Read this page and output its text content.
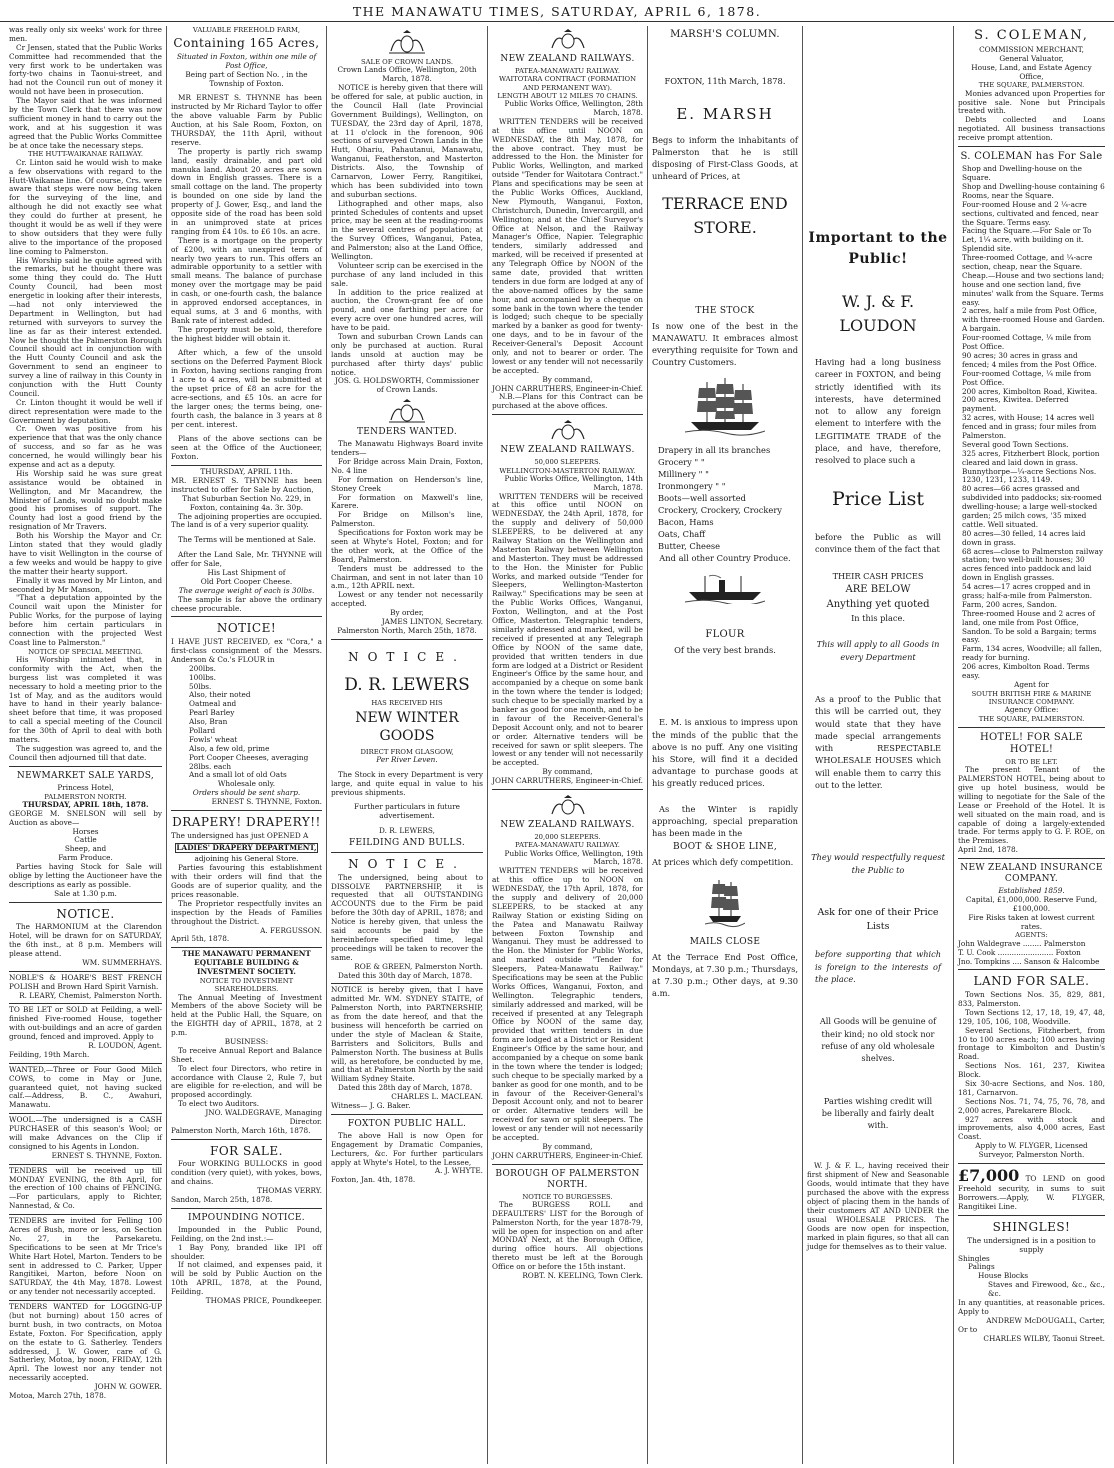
THE MANAWATU TIMES, SATURDAY, APRIL 6, 1878.

was really only six weeks' work for three men.

Cr Jensen, stated that the Public Works Committee had recommended that the very first work to be undertaken was forty-two chains in Taonui-street, and had not the Council run out of money it would not have been in prosecution.

The Mayor said that he was informed by the Town Clerk that there was now sufficient money in hand to carry out the work, and at his suggestion it was agreed that the Public Works Committee be at once take the necessary steps.

THE HUTT-WAIKANAE RAILWAY.

Cr. Linton said he would wish to make a few observations with regard to the Hutt-Waikanae line. Of course, Crs. were aware that steps were now being taken for the surveying of the line, and although he did not exactly see what they could do further at present, he thought it would be as well if they were to show outsiders that they were fully alive to the importance of the proposed line coming to Palmerston.

His Worship said he quite agreed with the remarks, but he thought there was some thing they could do. The Hutt County Council, had been most energetic in looking after their interests,—had not only interviewed the Department in Wellington, but had returned with surveyors to survey the line as far as their interest extended. Now he thought the Palmerston Borough Council should act in conjunction with the Hutt County Council and ask the Government to send an engineer to survey a line of railway in this County in conjunction with the Hutt County Council.

Cr. Linton thought it would be well if direct representation were made to the Government by deputation.

Cr. Owen was positive from his experience that that was the only chance of success, and so far as he was concerned, he would willingly bear his expense and act as a deputy.

His Worship said he was sure great assistance would be obtained in Wellington, and Mr Macandrew, the Minister of Lands, would no doubt make good his promises of support. The County had lost a good friend by the resignation of Mr Travers.

Both his Worship the Mayor and Cr. Linton stated that they would gladly have to visit Wellington in the course of a few weeks and would be happy to give the matter their hearty support.

Finally it was moved by Mr Linton, and seconded by Mr Manson,

"That a deputation appointed by the Council wait upon the Minister for Public Works, for the purpose of laying before him certain particulars in connection with the projected West Coast line to Palmerston."

NOTICE OF SPECIAL MEETING.

His Worship intimated that, in conformity with the Act, when the burgess list was completed it was necessary to hold a meeting prior to the 1st of May, and as the auditors would have to hand in their yearly balance-sheet before that time, it was proposed to call a special meeting of the Council for the 30th of April to deal with both matters.

The suggestion was agreed to, and the Council then adjourned till that date.

NEWMARKET SALE YARDS,

Princess Hotel,

PALMERSTON NORTH.

THURSDAY, APRIL 18th, 1878.

GEORGE M. SNELSON will sell by Auction as above—

Horses

Cattle

Sheep, and

Farm Produce.

Parties having Stock for Sale will oblige by letting the Auctioneer have the descriptions as early as possible.

Sale at 1.30 p.m.

NOTICE.

The HARMONIUM at the Clarendon Hotel, will be drawn for on SATURDAY, the 6th inst., at 8 p.m. Members will please attend.

WM. SUMMERHAYS.

NOBLE'S & HOARE'S BEST FRENCH POLISH and Brown Hard Spirit Varnish.

R. LEARY, Chemist, Palmerston North.

TO BE LET or SOLD at Feilding, a well-finished Five-roomed House, together with out-buildings and an acre of garden ground, fenced and improved. Apply to

R. LOUDON, Agent.

Feilding, 19th March.

WANTED,—Three or Four Good Milch COWS, to come in May or June, guaranteed quiet, not having sucked calf.—Address, B. C., Awahuri, Manawatu.

WOOL.—The undersigned is a CASH PURCHASER of this season's Wool; or will make Advances on the Clip if consigned to his Agents in London.

ERNEST S. THYNNE, Foxton.

TENDERS will be received up till MONDAY EVENING, the 8th April, for the erection of 100 chains of FENCING.—For particulars, apply to Richter, Nannestad, & Co.

TENDERS are invited for Felling 100 Acres of Bush, more or less, on Section No. 27, in the Parsekaretu. Specifications to be seen at Mr Trice's White Hart Hotel, Marton. Tenders to be sent in addressed to C. Parker, Upper Rangitikei, Marton, before Noon on SATURDAY, the 4th May, 1878. Lowest or any tender not necessarily accepted.

TENDERS WANTED for LOGGING-UP (but not burning) about 150 acres of burnt bush, in two contracts, on Motoa Estate, Foxton. For Specification, apply on the estate to G. Satherley. Tenders addressed, J. W. Gower, care of G. Satherley, Motoa, by noon, FRIDAY, 12th April. The lowest nor any tender not necessarily accepted.

JOHN W. GOWER.

Motoa, March 27th, 1878.

VALUABLE FREEHOLD FARM,

Containing 165 Acres,

Situated in Foxton, within one mile of Post Office,

Being part of Section No. , in the Township of Foxton.

MR ERNEST S. THYNNE has been instructed by Mr Richard Taylor to offer the above valuable Farm by Public Auction, at his Sale Room, Foxton, on THURSDAY, the 11th April, without reserve.

The property is partly rich swamp land, easily drainable, and part old manuka land. About 20 acres are sown down in English grasses. There is a small cottage on the land. The property is bounded on one side by land the property of J. Gower, Esq., and land the opposite side of the road has been sold in an unimproved state at prices ranging from £4 10s. to £6 10s. an acre.

There is a mortgage on the property of £200, with an unexpired term of nearly two years to run. This offers an admirable opportunity to a settler with small means. The balance of purchase money over the mortgage may be paid in cash, or one-fourth cash, the balance in approved endorsed acceptances, in equal sums, at 3 and 6 months, with Bank rate of interest added.

The property must be sold, therefore the highest bidder will obtain it.

After which, a few of the unsold sections on the Deferred Payment Block in Foxton, having sections ranging from 1 acre to 4 acres, will be submitted at the upset price of £8 an acre for the acre-sections, and £5 10s. an acre for the larger ones; the terms being, one-fourth cash, the balance in 3 years at 8 per cent. interest.

Plans of the above sections can be seen at the Office of the Auctioneer, Foxton.

THURSDAY, APRIL 11th.

MR. ERNEST S. THYNNE has been instructed to offer for Sale by Auction,

That Suburban Section No. 229, in Foxton, containing 4a. 3r. 30p.

The adjoining properties are occupied. The land is of a very superior quality.

The Terms will be mentioned at Sale.

After the Land Sale, Mr. THYNNE will offer for Sale,

His Last Shipment of

Old Port Cooper Cheese.

The average weight of each is 30lbs.

The sample is far above the ordinary cheese procurable.

NOTICE!

I HAVE JUST RECEIVED, ex "Cora," a first-class consignment of the Messrs. Anderson & Co.'s FLOUR in

200lbs.
100lbs.
50lbs.
Also, their noted
Oatmeal and
Pearl Barley
Also, Bran
Pollard
Fowls' wheat
Also, a few old, prime
Port Cooper Cheeses, averaging 28lbs. each
And a small lot of old Oats

Wholesale only.

Orders should be sent sharp.

ERNEST S. THYNNE, Foxton.

DRAPERY! DRAPERY!!

The undersigned has just OPENED A

LADIES' DRAPERY DEPARTMENT,

adjoining his General Store.

Parties favouring this establishment with their orders will find that the Goods are of superior quality, and the prices reasonable.

The Proprietor respectfully invites an inspection by the Heads of Families throughout the District.

A. FERGUSSON.

April 5th, 1878.

THE MANAWATU PERMANENT EQUITABLE BUILDING & INVESTMENT SOCIETY.

NOTICE TO INVESTMENT SHAREHOLDERS.

The Annual Meeting of Investment Members of the above Society will be held at the Public Hall, the Square, on the EIGHTH day of APRIL, 1878, at 2 p.m.

BUSINESS:

To receive Annual Report and Balance Sheet.

To elect four Directors, who retire in accordance with Clause 2, Rule 7, but are eligible for re-election, and will be proposed accordingly.

To elect two Auditors.

JNO. WALDEGRAVE, Managing Director.

Palmerston North, March 16th, 1878.

FOR SALE.

Four WORKING BULLOCKS in good condition (very quiet), with yokes, bows, and chains.

THOMAS VERRY.

Sandon, March 25th, 1878.

IMPOUNDING NOTICE.

Impounded in the Public Pound, Feilding, on the 2nd inst.:—

1 Bay Pony, branded like IPI off shoulder.

If not claimed, and expenses paid, it will be sold by Public Auction on the 10th APRIL, 1878, at the Pound, Feilding.

THOMAS PRICE, Poundkeeper.

SALE OF CROWN LANDS.

Crown Lands Office, Wellington, 20th March, 1878.

NOTICE is hereby given that there will be offered for sale, at public auction, in the Council Hall (late Provincial Government Buildings), Wellington, on TUESDAY, the 23rd day of April, 1878, at 11 o'clock in the forenoon, 906 sections of surveyed Crown Lands in the Hutt, Ohariu, Pahautanui, Manawatu, Wanganui, Featherston, and Masterton Districts. Also, the Township of Carnarvon, Lower Ferry, Rangitikei, which has been subdivided into town and suburban sections.

Lithographed and other maps, also printed Schedules of contents and upset price, may be seen at the reading-rooms in the several centres of population; at the Survey Offices, Wanganui, Patea, and Palmerston; also at the Land Office, Wellington.

Volunteer scrip can be exercised in the purchase of any land included in this sale.

In addition to the price realized at auction, the Crown-grant fee of one pound, and one farthing per acre for every acre over one hundred acres, will have to be paid.

Town and suburban Crown Lands can only be purchased at auction. Rural lands unsold at auction may be purchased after thirty days' public notice.

JOS. G. HOLDSWORTH, Commissioner of Crown Lands.

TENDERS WANTED.

The Manawatu Highways Board invite tenders—

For Bridge across Main Drain, Foxton, No. 4 line

For formation on Henderson's line, Stoney Creek

For formation on Maxwell's line, Karere.

For Bridge on Millson's line, Palmerston.

Specifications for Foxton work may be seen at Whyte's Hotel, Foxton; and for the other work, at the Office of the Board, Palmerston.

Tenders must be addressed to the Chairman, and sent in not later than 10 a.m., 12th APRIL next.

Lowest or any tender not necessarily accepted.

By order,

JAMES LINTON, Secretary.

Palmerston North, March 25th, 1878.

NOTICE.

D. R. LEWERS

HAS RECEIVED HIS

NEW WINTER GOODS

DIRECT FROM GLASGOW,

Per River Leven.

The Stock in every Department is very large, and quite equal in value to his previous shipments.

Further particulars in future advertisement.

D. R. LEWERS,

FEILDING AND BULLS.

NOTICE.

The undersigned, being about to DISSOLVE PARTNERSHIP, it is requested that all OUTSTANDING ACCOUNTS due to the Firm be paid before the 30th day of APRIL, 1878; and Notice is hereby given, that unless the said accounts be paid by the hereinbefore specified time, legal proceedings will be taken to recover the same.

ROE & GREEN, Palmerston North.

Dated this 30th day of March, 1878.

NOTICE is hereby given, that I have admitted Mr. WM. SYDNEY STAITE, of Palmerston North, into PARTNERSHIP, as from the date hereof, and that the business will henceforth be carried on under the style of Maclean & Staite, Barristers and Solicitors, Bulls and Palmerston North. The business at Bulls will, as heretofore, be conducted by me, and that at Palmerston North by the said William Sydney Staite.

Dated this 28th day of March, 1878.

CHARLES L. MACLEAN.

Witness— J. G. Baker.

FOXTON PUBLIC HALL.

The above Hall is now Open for Engagement by Dramatic Companies, Lecturers, &c. For further particulars apply at Whyte's Hotel, to the Lessee,

A. J. WHYTE.

Foxton, Jan. 4th, 1878.

NEW ZEALAND RAILWAYS.

PATEA-MANAWATU RAILWAY.

WAITOTARA CONTRACT (FORMATION AND PERMANENT WAY).

LENGTH ABOUT 12 MILES 70 CHAINS.

Public Works Office, Wellington, 28th March, 1878.

WRITTEN TENDERS will be received at this office until NOON on WEDNESDAY, the 8th May, 1878, for the above contract. They must be addressed to the Hon. the Minister for Public Works, Wellington, and marked outside "Tender for Waitotara Contract." Plans and specifications may be seen at the Public Works Offices, Auckland, New Plymouth, Wanganui, Foxton, Christchurch, Dunedin, Invercargill, and Wellington; and at the Chief Surveyor's Office at Nelson, and the Railway Manager's Office, Napier. Telegraphic tenders, similarly addressed and marked, will be received if presented at any Telegraph Office by NOON of the same date, provided that written tenders in due form are lodged at any of the above-named offices by the same hour, and accompanied by a cheque on some bank in the town where the tender is lodged; such cheque to be specially marked by a banker as good for twenty-one days, and to be in favour of the Receiver-General's Deposit Account only, and not to bearer or order. The lowest or any tender will not necessarily be accepted.

By command,

JOHN CARRUTHERS, Engineer-in-Chief.

N.B.—Plans for this Contract can be purchased at the above offices.

NEW ZEALAND RAILWAYS.

50,000 SLEEPERS.

WELLINGTON-MASTERTON RAILWAY.

Public Works Office, Wellington, 14th March, 1878.

WRITTEN TENDERS will be received at this office until NOON on WEDNESDAY, the 24th April, 1878, for the supply and delivery of 50,000 SLEEPERS, to be delivered at any Railway Station on the Wellington and Masterton Railway between Wellington and Masterton. They must be addressed to the Hon. the Minister for Public Works, and marked outside "Tender for Sleepers, Wellington-Masterton Railway." Specifications may be seen at the Public Works Offices, Wanganui, Foxton, Wellington, and at the Post Office, Masterton. Telegraphic tenders, similarly addressed and marked, will be received if presented at any Telegraph Office by NOON of the same date, provided that written tenders in due form are lodged at a District or Resident Engineer's Office by the same hour, and accompanied by a cheque on some bank in the town where the tender is lodged; such cheque to be specially marked by a banker as good for one month, and to be in favour of the Receiver-General's Deposit Account only, and not to bearer or order. Alternative tenders will be received for sawn or split sleepers. The lowest or any tender will not necessarily be accepted.

By command,

JOHN CARRUTHERS, Engineer-in-Chief.

NEW ZEALAND RAILWAYS.

20,000 SLEEPERS.

PATEA-MANAWATU RAILWAY.

Public Works Office, Wellington, 19th March, 1878.

WRITTEN TENDERS will be received at this office up to NOON on WEDNESDAY, the 17th April, 1878, for the supply and delivery of 20,000 SLEEPERS, to be stacked at any Railway Station or existing Siding on the Patea and Manawatu Railway between Foxton Township and Wanganui. They must be addressed to the Hon. the Minister for Public Works, and marked outside "Tender for Sleepers, Patea-Manawatu Railway." Specifications may be seen at the Public Works Offices, Wanganui, Foxton, and Wellington. Telegraphic tenders, similarly addressed and marked, will be received if presented at any Telegraph Office by NOON of the same day, provided that written tenders in due form are lodged at a District or Resident Engineer's Office by the same hour, and accompanied by a cheque on some bank in the town where the tender is lodged; such cheque to be specially marked by a banker as good for one month, and to be in favour of the Receiver-General's Deposit Account only, and not to bearer or order. Alternative tenders will be received for sawn or split sleepers. The lowest or any tender will not necessarily be accepted.

By command,

JOHN CARRUTHERS, Engineer-in-Chief.

BOROUGH OF PALMERSTON NORTH.

NOTICE TO BURGESSES.

The BURGESS ROLL and DEFAULTERS' LIST for the Borough of Palmerston North, for the year 1878-79, will be open for inspection on and after MONDAY Next, at the Borough Office, during office hours. All objections thereto must be left at the Borough Office on or before the 15th instant.

ROBT. N. KEELING, Town Clerk.

MARSH'S COLUMN.

FOXTON, 11th March, 1878.

E. MARSH

Begs to inform the inhabitants of Palmerston that he is still disposing of First-Class Goods, at unheard of Prices, at

TERRACE END STORE.

THE STOCK

Is now one of the best in the MANAWATU. It embraces almost everything requisite for Town and Country Customers.

Drapery in all its branches
Grocery " "
Millinery " "
Ironmongery " "
Boots—well assorted
Crockery, Crockery, Crockery
Bacon, Hams
Oats, Chaff
Butter, Cheese

And all other Country Produce.

FLOUR

Of the very best brands.

E. M. is anxious to impress upon the minds of the public that the above is no puff. Any one visiting his Store, will find it a decided advantage to purchase goods at his greatly reduced prices.

As the Winter is rapidly approaching, special preparation has been made in the

BOOT & SHOE LINE,

At prices which defy competition.

MAILS CLOSE

At the Terrace End Post Office, Mondays, at 7.30 p.m.; Thursdays, at 7.30 p.m.; Other days, at 9.30 a.m.

Important to the Public!

W. J. & F. LOUDON

Having had a long business career in FOXTON, and being strictly identified with its interests, have determined not to allow any foreign element to interfere with the LEGITIMATE TRADE of the place, and have, therefore, resolved to place such a

Price List

before the Public as will convince them of the fact that

THEIR CASH PRICES

ARE BELOW

Anything yet quoted

In this place.

This will apply to all Goods in every Department

As a proof to the Public that this will be carried out, they would state that they have made special arrangements with RESPECTABLE WHOLESALE HOUSES which will enable them to carry this out to the letter.

They would respectfully request the Public to

Ask for one of their Price Lists

before supporting that which is foreign to the interests of the place.

All Goods will be genuine of their kind; no old stock nor refuse of any old wholesale shelves.

Parties wishing credit will be liberally and fairly dealt with.

W. J. & F. L., having received their first shipment of New and Seasonable Goods, would intimate that they have purchased the above with the express object of placing them in the hands of their customers AT AND UNDER the usual WHOLESALE PRICES. The Goods are now open for inspection, marked in plain figures, so that all can judge for themselves as to their value.

S. COLEMAN,

COMMISSION MERCHANT,

General Valuator,

House, Land, and Estate Agency Office,

THE SQUARE, PALMERSTON.

Monies advanced upon Properties for positive sale. None but Principals treated with.

Debts collected and Loans negotiated. All business transactions receive prompt attention.

S. COLEMAN has For Sale

Shop and Dwelling-house on the Square.
Shop and Dwelling-house containing 6 Rooms, near the Square.
Four-roomed House and 2 ¼-acre sections, cultivated and fenced, near the Square. Terms easy.
Facing the Square.—For Sale or To Let, 1¼ acre, with building on it. Splendid site.
Three-roomed Cottage, and ¼-acre section, cheap, near the Square.
Cheap.—House and two sections land; house and one section land, five minutes' walk from the Square. Terms easy.
2 acres, half a mile from Post Office, with three-roomed House and Garden. A bargain.
Four-roomed Cottage, ¼ mile from Post Office.
90 acres; 30 acres in grass and fenced; 4 miles from the Post Office.
Four-roomed Cottage, ¼ mile from Post Office.
200 acres, Kimbolton Road, Kiwitea.
200 acres, Kiwitea. Deferred payment.
32 acres, with House; 14 acres well fenced and in grass; four miles from Palmerston.
Several good Town Sections.
325 acres, Fitzherbert Block, portion cleared and laid down in grass.
Bunnythorpe—¼-acre Sections Nos. 1230, 1231, 1233, 1149.
80 acres—66 acres grassed and subdivided into paddocks; six-roomed dwelling-house; a large well-stocked garden; 25 milch cows, '35 mixed cattle. Well situated.
80 acres—30 felled, 14 acres laid down in grass.
68 acres—close to Palmerston railway station; two well-built houses; 30 acres fenced into paddock and laid down in English grasses.
54 acres—17 acres cropped and in grass; half-a-mile from Palmerston.
Farm, 200 acres, Sandon.
Three-roomed House and 2 acres of land, one mile from Post Office, Sandon. To be sold a Bargain; terms easy.
Farm, 134 acres, Woodville; all fallen, ready for burning.
206 acres, Kimbolton Road. Terms easy.

Agent for

SOUTH BRITISH FIRE & MARINE INSURANCE COMPANY.

Agency Office:

THE SQUARE, PALMERSTON.

HOTEL! FOR SALE HOTEL!

OR TO BE LET.

The present Tenant of the PALMERSTON HOTEL, being about to give up hotel business, would be willing to negotiate for the Sale of the Lease or Freehold of the Hotel. It is well situated on the main road, and is capable of doing a largely-extended trade. For terms apply to G. F. ROE, on the Premises.

April 2nd, 1878.

NEW ZEALAND INSURANCE COMPANY.

Established 1859.

Capital, £1,000,000. Reserve Fund, £100,000.

Fire Risks taken at lowest current rates.

AGENTS:

John Waldegrave ........ Palmerston

T. U. Cook ........................ Foxton

Jno. Tompkins .... Sanson & Halcombe

LAND FOR SALE.

Town Sections Nos. 35, 829, 881, 833, Palmerston.

Town Sections 12, 17, 18, 19, 47, 48, 129, 105, 106, 108, Woodville.

Several Sections, Fitzherbert, from 10 to 100 acres each; 100 acres having frontage to Kimbolton and Dustin's Road.

Sections Nos. 161, 237, Kiwitea Block.

Six 30-acre Sections, and Nos. 180, 181, Carnarvon.

Sections Nos. 71, 74, 75, 76, 78, and 2,000 acres, Parekarere Block.

927 acres with stock and improvements, also 4,000 acres, East Coast.

Apply to W. FLYGER, Licensed Surveyor, Palmerston North.

£7,000 TO LEND on good Freehold security, in sums to suit Borrowers.—Apply, W. FLYGER, Rangitikei Line.

SHINGLES!

The undersigned is in a position to supply

Shingles

Palings

House Blocks

Staves and Firewood, &c., &c., &c.

In any quantities, at reasonable prices. Apply to

ANDREW McDOUGALL, Carter,

Or to

CHARLES WILBY, Taonui Street.
